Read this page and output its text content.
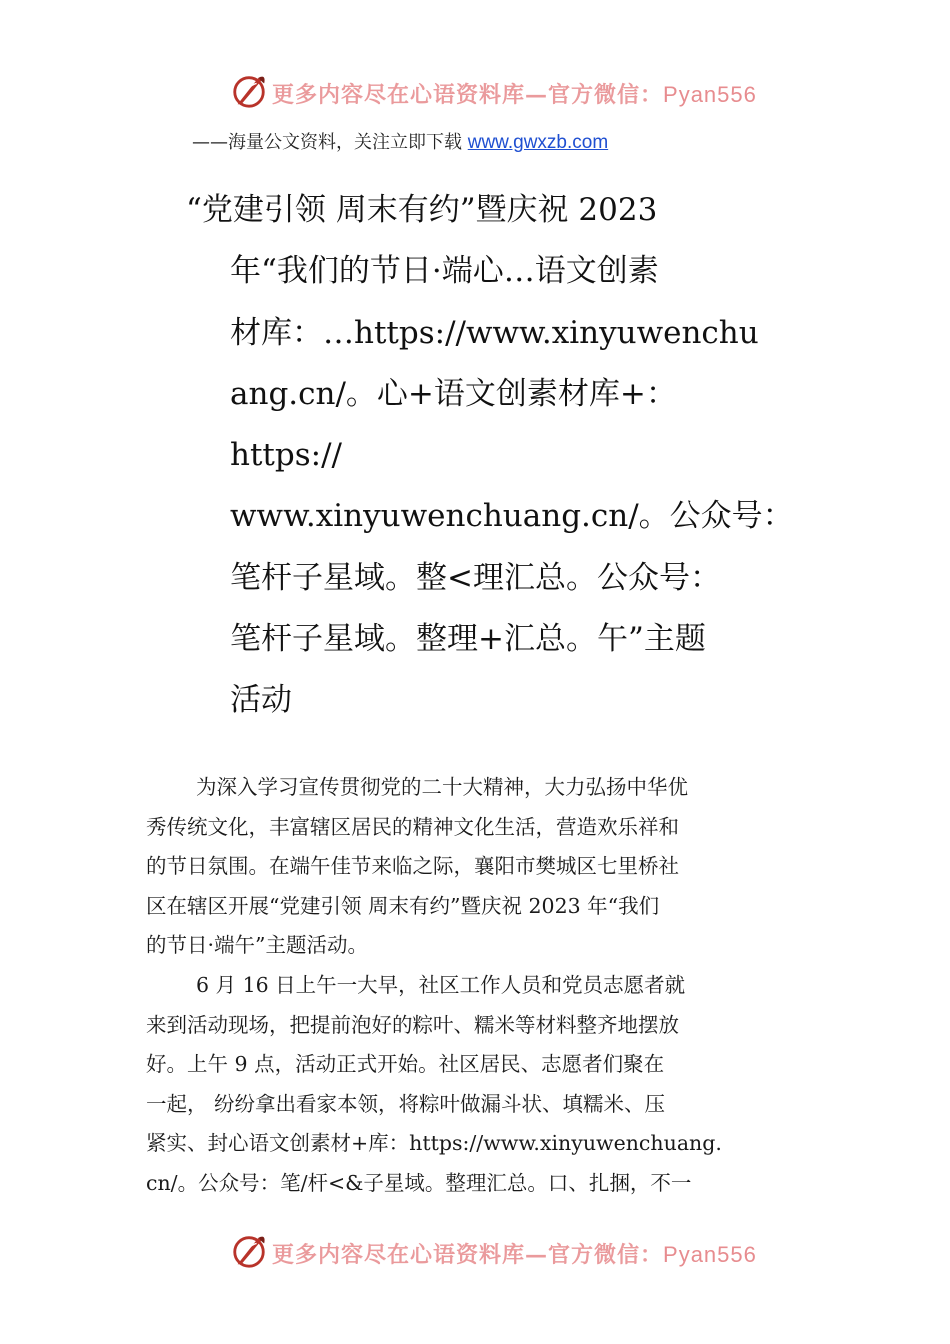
更多内容尽在心语资料库—官方微信：Pyan556
——海量公文资料，关注立即下载 www.gwxzb.com
“党建引领 周末有约”暨庆祝 2023
年“我们的节日·端心…语文创素
材库：…https://www.xinyuwenchu
ang.cn/。心+语文创素材库+：
https://
www.xinyuwenchuang.cn/。公众号：
笔杆子星域。整<理汇总。公众号：
笔杆子星域。整理+汇总。午”主题
活动
为深入学习宣传贯彻党的二十大精神，大力弘扬中华优
秀传统文化，丰富辖区居民的精神文化生活，营造欢乐祥和
的节日氛围。在端午佳节来临之际，襄阳市樊城区七里桥社
区在辖区开展“党建引领 周末有约”暨庆祝 2023 年“我们
的节日·端午”主题活动。
6 月 16 日上午一大早，社区工作人员和党员志愿者就
来到活动现场，把提前泡好的粽叶、糯米等材料整齐地摆放
好。上午 9 点，活动正式开始。社区居民、志愿者们聚在
一起， 纷纷拿出看家本领，将粽叶做漏斗状、填糯米、压
紧实、封心语文创素材+库：https://www.xinyuwenchuang.
cn/。公众号：笔/杆<&子星域。整理汇总。口、扎捆，不一
更多内容尽在心语资料库—官方微信：Pyan556
